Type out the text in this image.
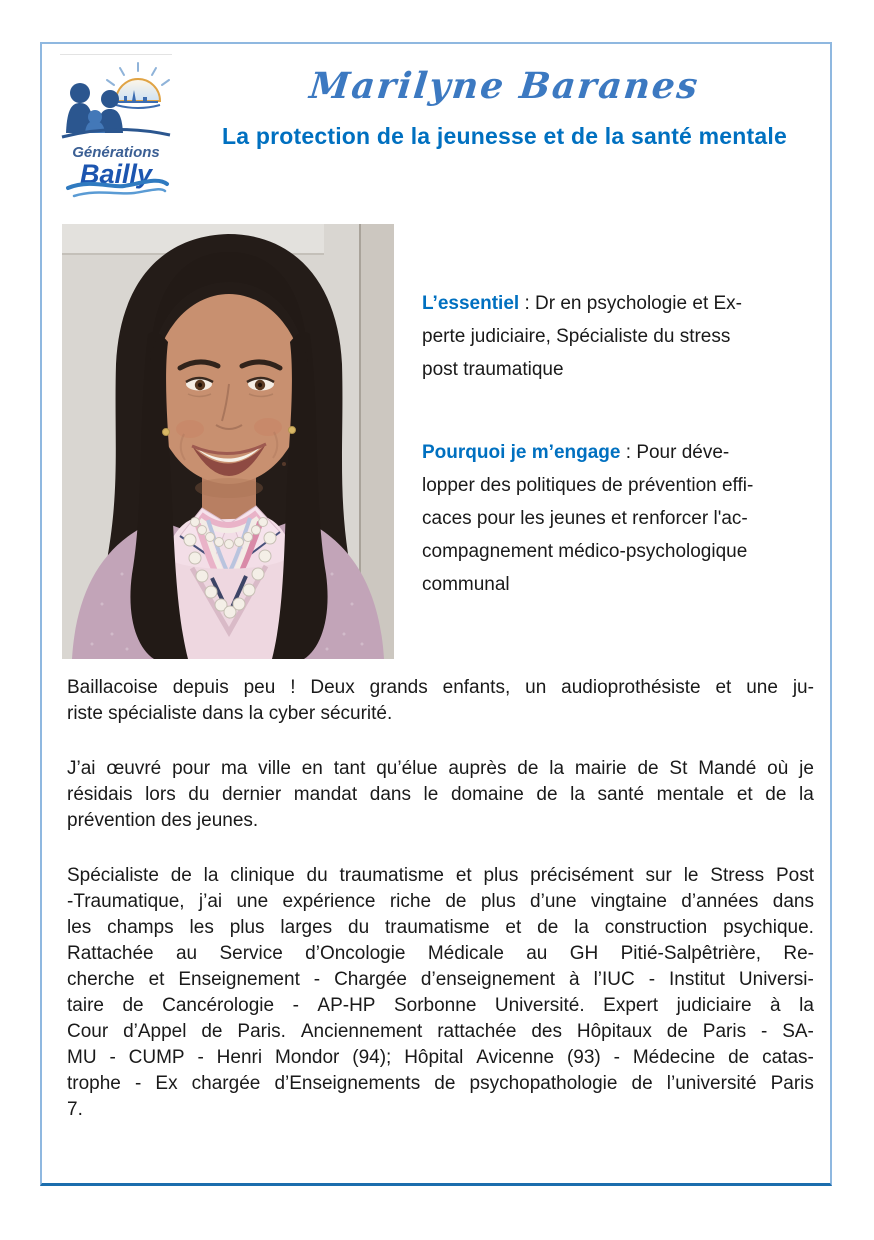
Générations
Bailly
Marilyne Baranes
La protection de la jeunesse et de la santé mentale
L’essentiel : Dr en psychologie et Ex-
perte judiciaire, Spécialiste du stress
post traumatique
Pourquoi je m’engage : Pour déve-
lopper des politiques de prévention effi-
caces pour les jeunes et renforcer l'ac-
compagnement médico-psychologique
communal
Baillacoise depuis peu ! Deux grands enfants, un audioprothésiste et une ju-
riste spécialiste dans la cyber sécurité.
J’ai œuvré pour ma ville en tant qu’élue auprès de la mairie de St Mandé où je
résidais lors du dernier mandat dans le domaine de la santé mentale et de la
prévention des jeunes.
Spécialiste de la clinique du traumatisme et plus précisément sur le Stress Post
-Traumatique, j’ai une expérience riche de plus d’une vingtaine d’années dans
les champs les plus larges du traumatisme et de la construction psychique.
Rattachée au Service d’Oncologie Médicale au GH Pitié-Salpêtrière, Re-
cherche et Enseignement - Chargée d’enseignement à l’IUC - Institut Universi-
taire de Cancérologie - AP-HP Sorbonne Université. Expert judiciaire à la
Cour d’Appel de Paris. Anciennement rattachée des Hôpitaux de Paris - SA-
MU - CUMP - Henri Mondor (94); Hôpital Avicenne (93) - Médecine de catas-
trophe - Ex chargée d’Enseignements de psychopathologie de l’université Paris
7.
